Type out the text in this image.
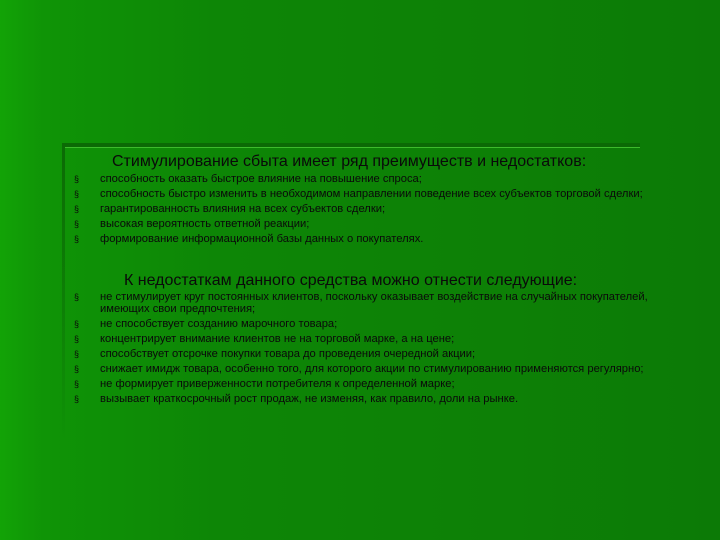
Стимулирование сбыта имеет ряд преимуществ и недостатков:
§ способность оказать быстрое влияние на повышение спроса;
§ способность быстро изменить в необходимом направлении поведение всех субъектов торговой сделки;
§ гарантированность влияния на всех субъектов сделки;
§ высокая вероятность ответной реакции;
§ формирование информационной базы данных о покупателях.
К недостаткам данного средства можно отнести следующие:
§ не стимулирует круг постоянных клиентов, поскольку оказывает воздействие на случайных покупателей, имеющих свои предпочтения;
§ не способствует созданию марочного товара;
§ концентрирует внимание клиентов не на торговой марке, а на цене;
§ способствует отсрочке покупки товара до проведения очередной акции;
§ снижает имидж товара, особенно того, для которого акции по стимулированию применяются регулярно;
§ не формирует приверженности потребителя к определенной марке;
§ вызывает краткосрочный рост продаж, не изменяя, как правило, доли на рынке.
